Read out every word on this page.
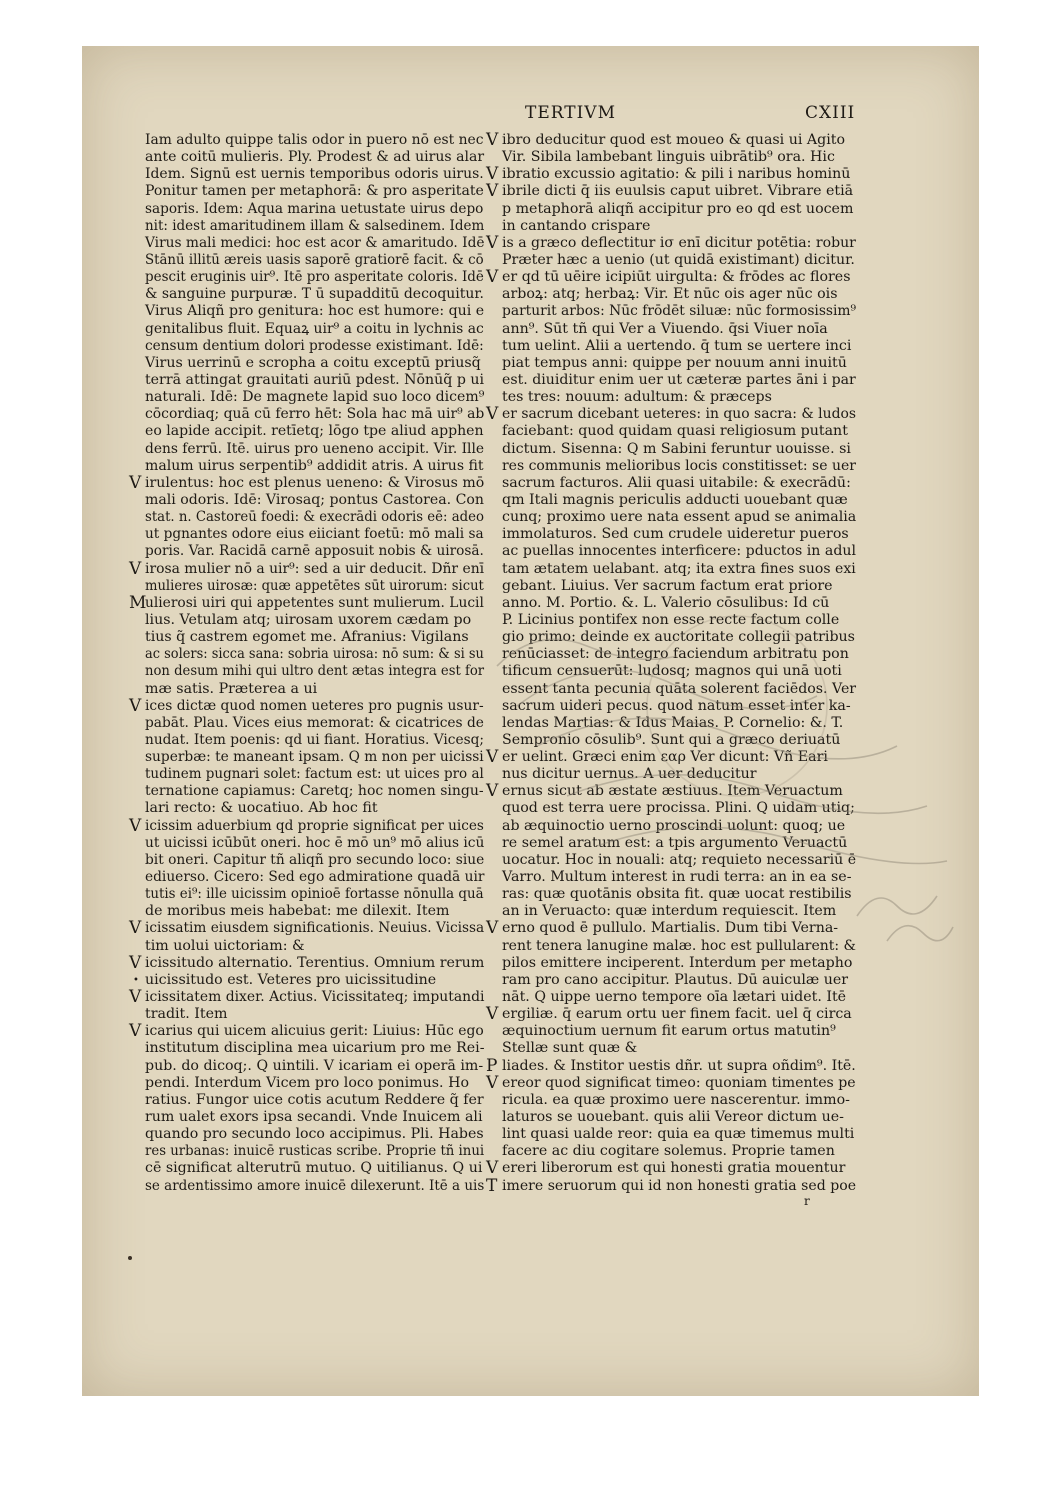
TERTIVM	CXIII
Iam adulto quippe talis odor in puero nō est nec
ante coitū mulieris. Ply. Prodest & ad uirus alar
Idem. Signū est uernis temporibus odoris uirus.
Ponitur tamen per metaphorā: & pro asperitate
saporis. Idem: Aqua marina uetustate uirus depo
nit: idest amaritudinem illam & salsedinem. Idem
Virus mali medici: hoc est acor & amaritudo. Idē
Stānū illitū æreis uasis saporē gratiorē facit. & cō
pescit eruginis uir⁹. Itē pro asperitate coloris. Idē
& sanguine purpuræ. T ū supadditū decoquitur.
Virus Aliqñ pro genitura: hoc est humore: qui e
genitalibus fluit. Equaꝝ uir⁹ a coitu in lychnis ac
censum dentium dolori prodesse existimant. Idē:
Virus uerrinū e scropha a coitu exceptū priusq̃
terrā attingat grauitati auriū pdest. Nōnūq̃ p ui
naturali. Idē: De magnete lapid suo loco dicem⁹
cōcordiaq; quā cū ferro hēt: Sola hac mā uir⁹ ab
eo lapide accipit. retīetq; lōgo tpe aliud apphen
dens ferrū. Itē. uirus pro ueneno accipit. Vir. Ille
malum uirus serpentib⁹ addidit atris. A uirus fit
V irulentus: hoc est plenus ueneno: & Virosus mō
mali odoris. Idē: Virosaq; pontus Castorea. Con
stat. n. Castoreū foedi: & execrādi odoris eē: adeo
ut pgnantes odore eius eiiciant foetū: mō mali sa
poris. Var. Racidā carnē apposuit nobis & uirosā.
V irosa mulier nō a uir⁹: sed a uir deducit. Dñr enī
mulieres uirosæ: quæ appetētes sūt uirorum: sicut
M
ulierosi uiri qui appetentes sunt mulierum. Lucil
lius. Vetulam atq; uirosam uxorem cædam po
tius q̃ castrem egomet me. Afranius: Vigilans
ac solers: sicca sana: sobria uirosa: nō sum: & si su
non desum mihi qui ultro dent ætas integra est for
mæ satis. Præterea a ui
V ices dictæ quod nomen ueteres pro pugnis usur-
pabāt. Plau. Vices eius memorat: & cicatrices de
nudat. Item poenis: qd ui fiant. Horatius. Vicesq;
superbæ: te maneant ipsam. Q m non per uicissi
tudinem pugnari solet: factum est: ut uices pro al
ternatione capiamus: Caretq; hoc nomen singu-
lari recto: & uocatiuo. Ab hoc fit
V icissim aduerbium qd proprie significat per uices
ut uicissi icūbūt oneri. hoc ē mō un⁹ mō alius icū
bit oneri. Capitur tñ aliqñ pro secundo loco: siue
ediuerso. Cicero: Sed ego admiratione quadā uir
tutis ei⁹: ille uicissim opinioē fortasse nōnulla quā
de moribus meis habebat: me dilexit. Item
V icissatim eiusdem significationis. Neuius. Vicissa
tim uolui uictoriam: &
V icissitudo alternatio. Terentius. Omnium rerum
• uicissitudo est. Veteres pro uicissitudine
V icissitatem dixer. Actius. Vicissitateq; imputandi
tradit. Item
V icarius qui uicem alicuius gerit: Liuius: Hūc ego
institutum disciplina mea uicarium pro me Rei-
pub. do dicoq;. Q uintili. V icariam ei operā im-
pendi. Interdum Vicem pro loco ponimus. Ho
ratius. Fungor uice cotis acutum Reddere q̃ fer
rum ualet exors ipsa secandi. Vnde Inuicem ali
quando pro secundo loco accipimus. Pli. Habes
res urbanas: inuicē rusticas scribe. Proprie tñ inui
cē significat alterutrū mutuo. Q uitilianus. Q ui
se ardentissimo amore inuicē dilexerunt. Itē a uis
V ibro deducitur quod est moueo & quasi ui Agito
Vir. Sibila lambebant linguis uibrātib⁹ ora. Hic
V ibratio excussio agitatio: & pili i naribus hominū
V ibrile dicti q̄ iis euulsis caput uibret. Vibrare etiā
p metaphorā aliqñ accipitur pro eo qd est uocem
in cantando crispare
V is a græco deflectitur iσ enī dicitur potētia: robur
Præter hæc a uenio (ut quidā existimant) dicitur.
V er qd tū uēire icipiūt uirgulta: & frōdes ac flores
arboꝝ: atq; herbaꝝ: Vir. Et nūc ois ager nūc ois
parturit arbos: Nūc frōdēt siluæ: nūc formosissim⁹
ann⁹. Sūt tñ qui Ver a Viuendo. q̄si Viuer noīa
tum uelint. Alii a uertendo. q̄ tum se uertere inci
piat tempus anni: quippe per nouum anni inuitū
est. diuiditur enim uer ut cæteræ partes āni i par
tes tres: nouum: adultum: & præceps
V er sacrum dicebant ueteres: in quo sacra: & ludos
faciebant: quod quidam quasi religiosum putant
dictum. Sisenna: Q m Sabini feruntur uouisse. si
res communis melioribus locis constitisset: se uer
sacrum facturos. Alii quasi uitabile: & execrādū:
qm Itali magnis periculis adducti uouebant quæ
cunq; proximo uere nata essent apud se animalia
immolaturos. Sed cum crudele uideretur pueros
ac puellas innocentes interficere: pductos in adul
tam ætatem uelabant. atq; ita extra fines suos exi
gebant. Liuius. Ver sacrum factum erat priore
anno. M. Portio. &. L. Valerio cōsulibus: Id cū
P. Licinius pontifex non esse recte factum colle
gio primo: deinde ex auctoritate collegii patribus
renūciasset: de integro faciendum arbitratu pon
tificum censuerūt: ludosq; magnos qui unā uoti
essent tanta pecunia quāta solerent faciēdos. Ver
sacrum uideri pecus. quod natum esset inter ka-
lendas Martias: & Idus Maias. P. Cornelio: &. T.
Sempronio cōsulib⁹. Sunt qui a græco deriuatū
V er uelint. Græci enim εαρ Ver dicunt: Vñ Eari
nus dicitur uernus. A uer deducitur
V ernus sicut ab æstate æstiuus. Item Veruactum
quod est terra uere procissa. Plini. Q uidam utiq;
ab æquinoctio uerno proscindi uolunt: quoq; ue
re semel aratum est: a tpis argumento Veruactū
uocatur. Hoc in nouali: atq; requieto necessariū ē
Varro. Multum interest in rudi terra: an in ea se-
ras: quæ quotānis obsita fit. quæ uocat restibilis
an in Veruacto: quæ interdum requiescit. Item
V erno quod ē pullulo. Martialis. Dum tibi Verna-
rent tenera lanugine malæ. hoc est pullularent: &
pilos emittere inciperent. Interdum per metapho
ram pro cano accipitur. Plautus. Dū auiculæ uer
nāt. Q uippe uerno tempore oīa lætari uidet. Itē
V ergiliæ. q̄ earum ortu uer finem facit. uel q̄ circa
æquinoctium uernum fit earum ortus matutin⁹
Stellæ sunt quæ &
P liades. & Institor uestis dñr. ut supra oñdim⁹. Itē.
V ereor quod significat timeo: quoniam timentes pe
ricula. ea quæ proximo uere nascerentur. immo-
laturos se uouebant. quis alii Vereor dictum ue-
lint quasi ualde reor: quia ea quæ timemus multi
facere ac diu cogitare solemus. Proprie tamen
V ereri liberorum est qui honesti gratia mouentur
T imere seruorum qui id non honesti gratia sed poe
r
